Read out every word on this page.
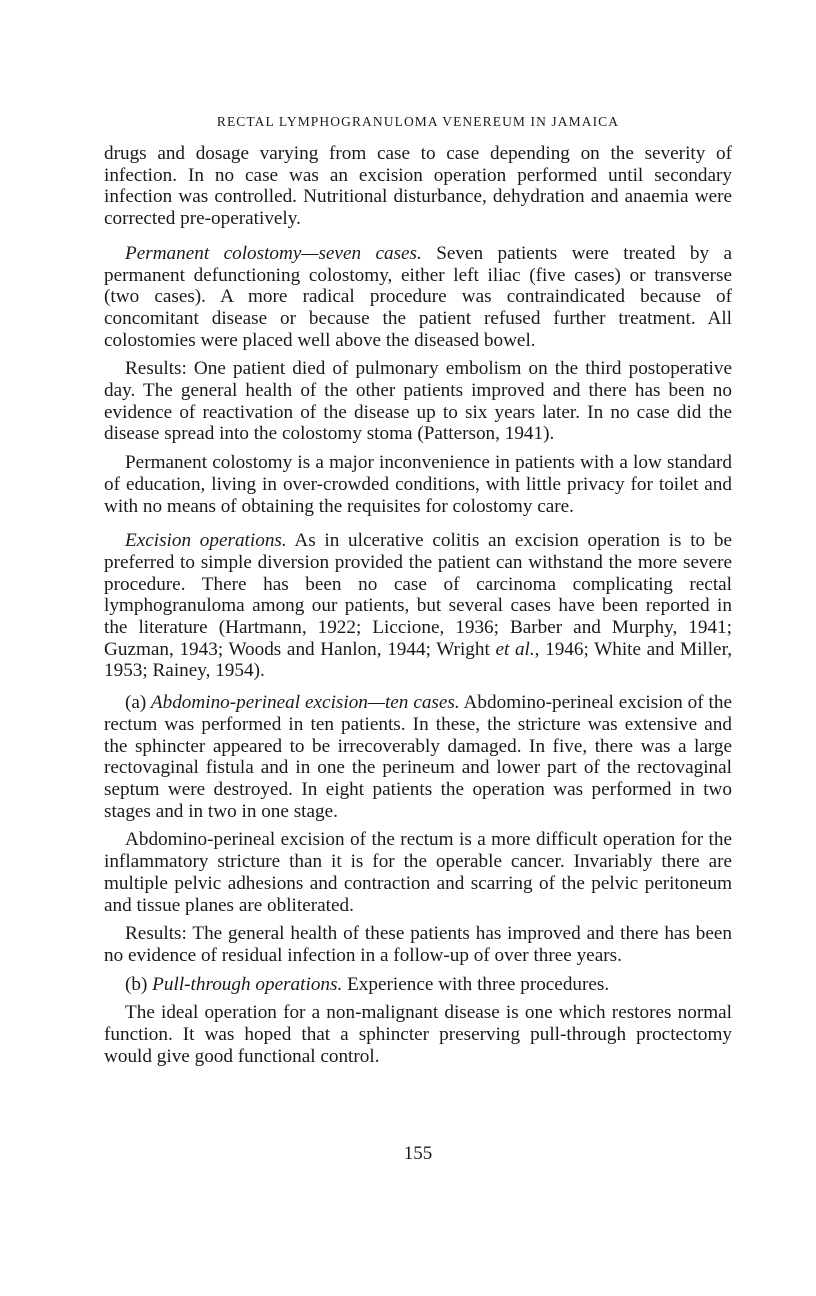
RECTAL LYMPHOGRANULOMA VENEREUM IN JAMAICA

drugs and dosage varying from case to case depending on the severity of infection. In no case was an excision operation performed until secondary infection was controlled. Nutritional disturbance, dehydration and anaemia were corrected pre-operatively.

Permanent colostomy—seven cases. Seven patients were treated by a permanent defunctioning colostomy, either left iliac (five cases) or transverse (two cases). A more radical procedure was contraindicated because of concomitant disease or because the patient refused further treatment. All colostomies were placed well above the diseased bowel.

Results: One patient died of pulmonary embolism on the third postoperative day. The general health of the other patients improved and there has been no evidence of reactivation of the disease up to six years later. In no case did the disease spread into the colostomy stoma (Patterson, 1941).

Permanent colostomy is a major inconvenience in patients with a low standard of education, living in over-crowded conditions, with little privacy for toilet and with no means of obtaining the requisites for colostomy care.

Excision operations. As in ulcerative colitis an excision operation is to be preferred to simple diversion provided the patient can withstand the more severe procedure. There has been no case of carcinoma complicating rectal lymphogranuloma among our patients, but several cases have been reported in the literature (Hartmann, 1922; Liccione, 1936; Barber and Murphy, 1941; Guzman, 1943; Woods and Hanlon, 1944; Wright et al., 1946; White and Miller, 1953; Rainey, 1954).

(a) Abdomino-perineal excision—ten cases. Abdomino-perineal excision of the rectum was performed in ten patients. In these, the stricture was extensive and the sphincter appeared to be irrecoverably damaged. In five, there was a large rectovaginal fistula and in one the perineum and lower part of the rectovaginal septum were destroyed. In eight patients the operation was performed in two stages and in two in one stage.

Abdomino-perineal excision of the rectum is a more difficult operation for the inflammatory stricture than it is for the operable cancer. Invariably there are multiple pelvic adhesions and contraction and scarring of the pelvic peritoneum and tissue planes are obliterated.

Results: The general health of these patients has improved and there has been no evidence of residual infection in a follow-up of over three years.

(b) Pull-through operations. Experience with three procedures.

The ideal operation for a non-malignant disease is one which restores normal function. It was hoped that a sphincter preserving pull-through proctectomy would give good functional control.

155
